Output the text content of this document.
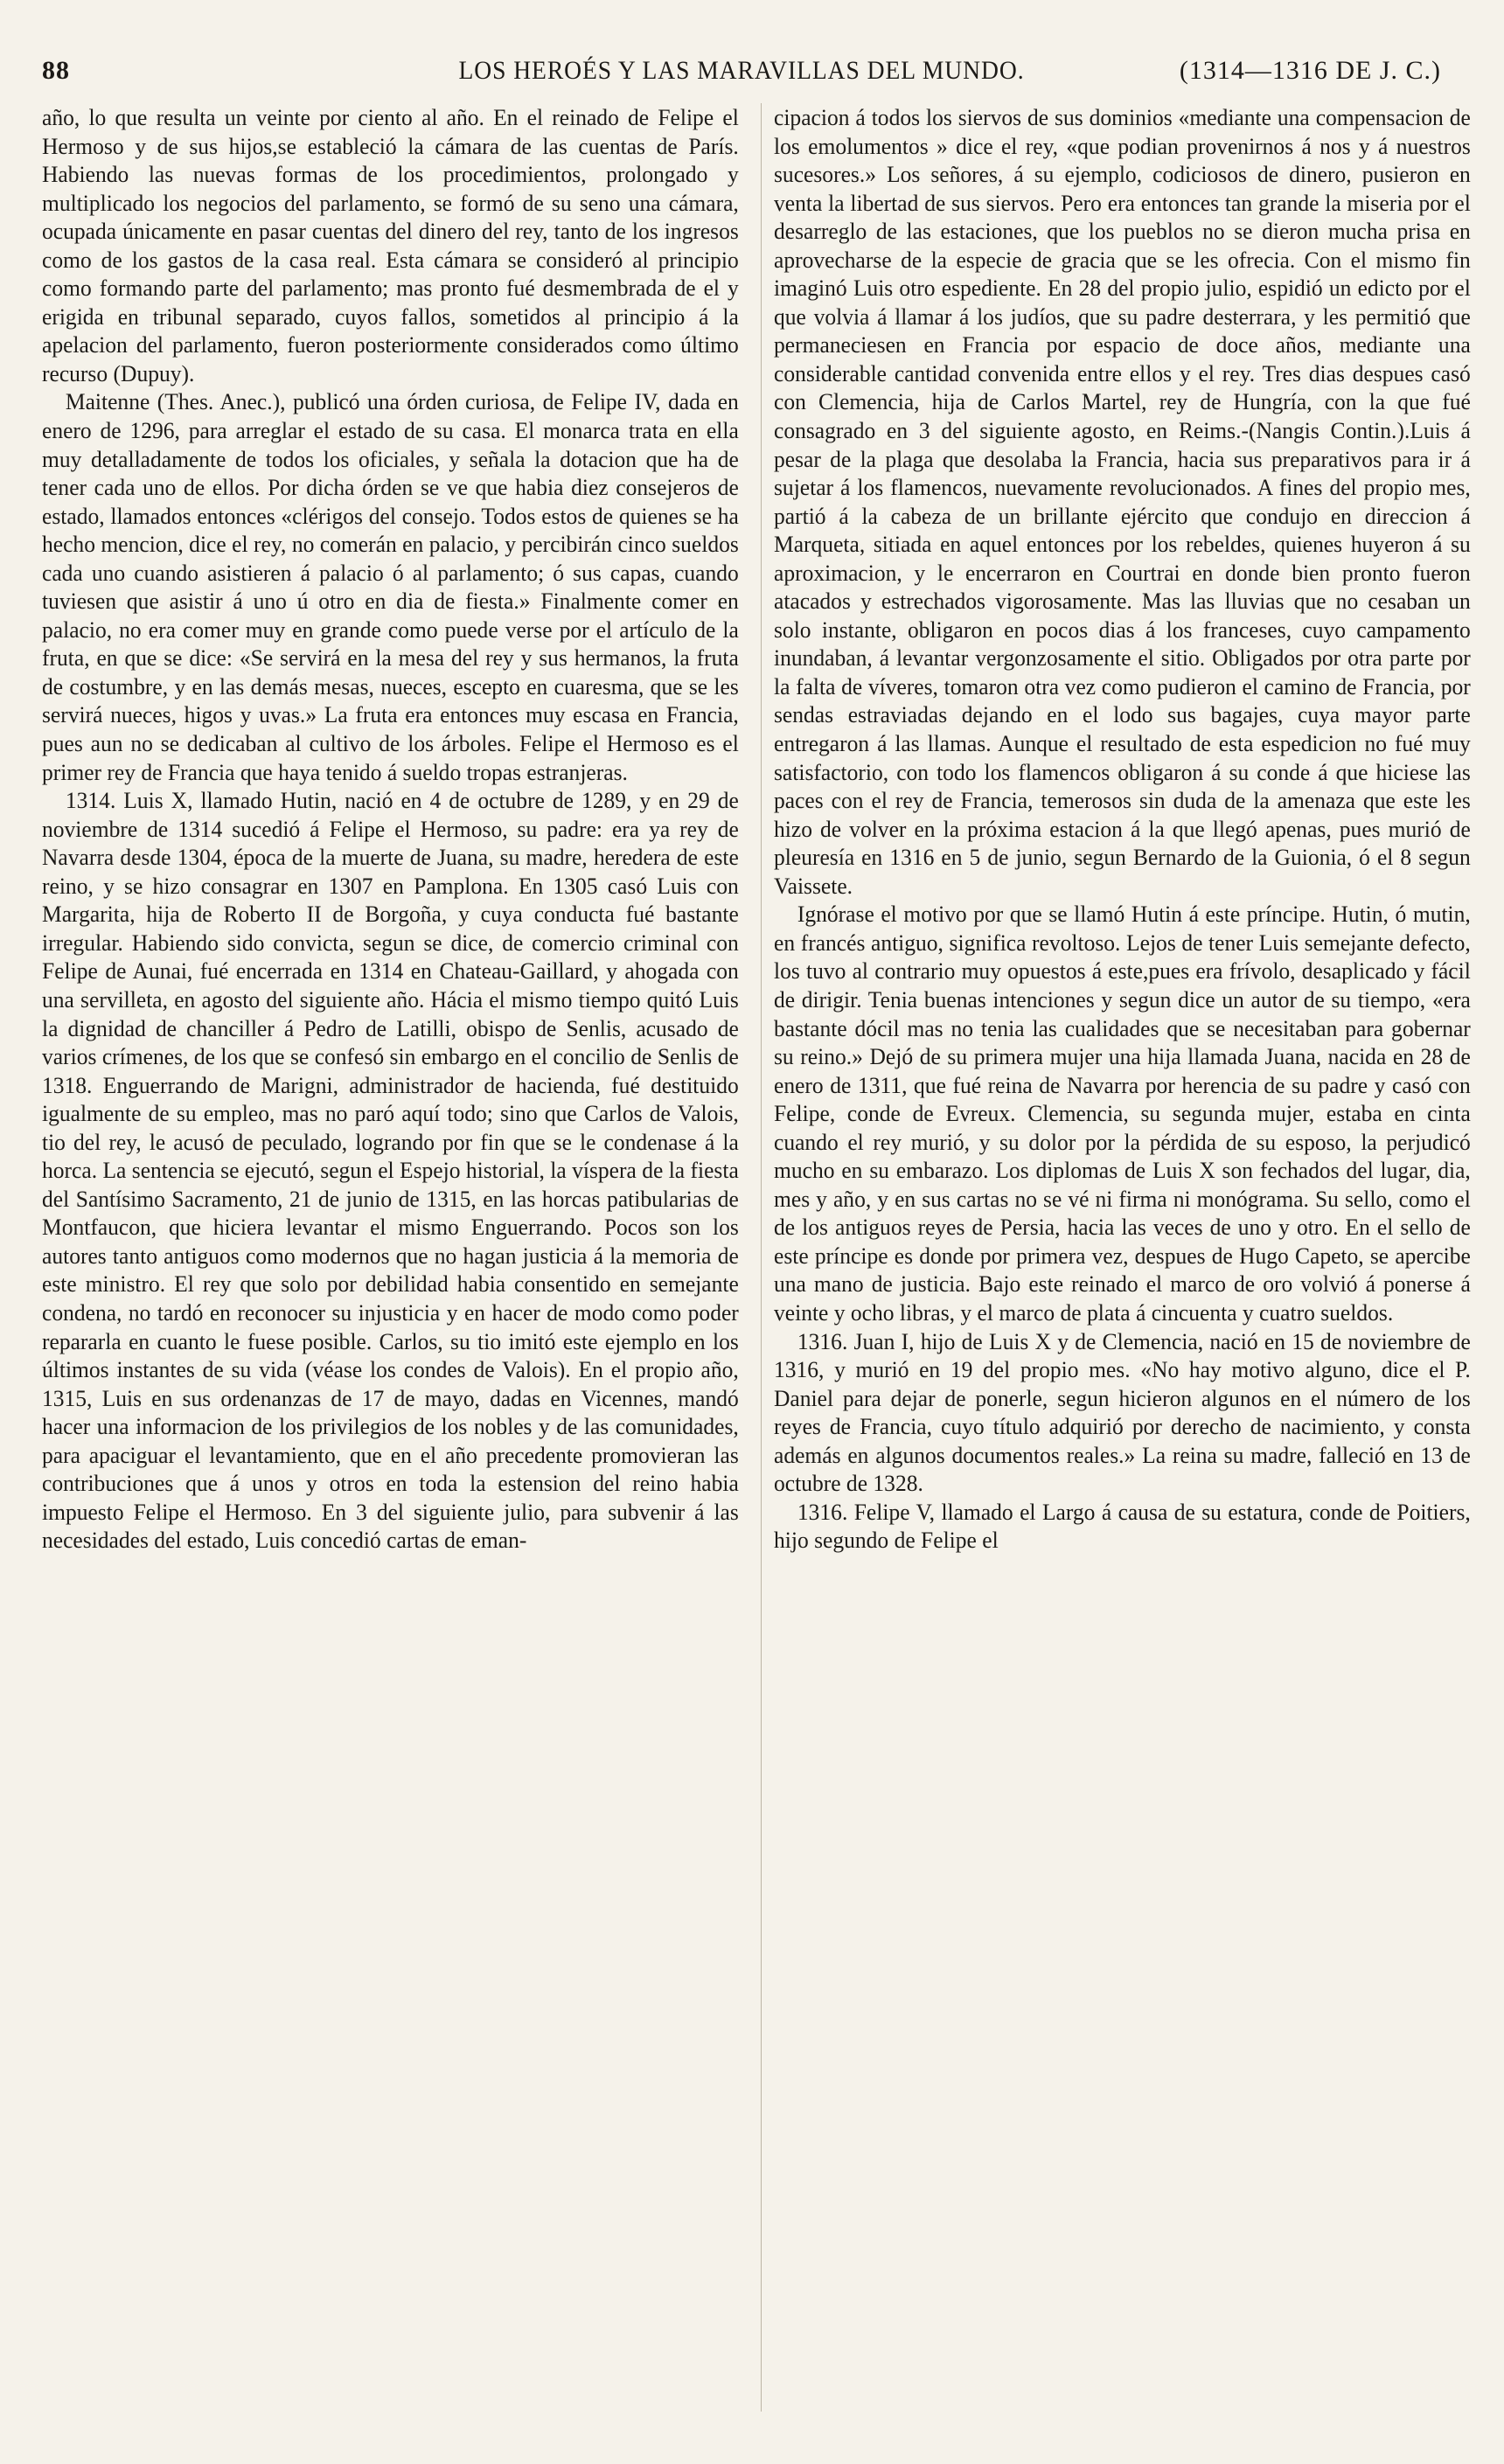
88	LOS HEROÉS Y LAS MARAVILLAS DEL MUNDO.	(1314—1316 DE J. C.)

año, lo que resulta un veinte por ciento al año. En el reinado de Felipe el Hermoso y de sus hijos,se estableció la cámara de las cuentas de París. Habiendo las nuevas formas de los procedimientos, prolongado y multiplicado los negocios del parlamento, se formó de su seno una cámara, ocupada únicamente en pasar cuentas del dinero del rey, tanto de los ingresos como de los gastos de la casa real. Esta cámara se consideró al principio como formando parte del parlamento; mas pronto fué desmembrada de el y erigida en tribunal separado, cuyos fallos, sometidos al principio á la apelacion del parlamento, fueron posteriormente considerados como último recurso (Dupuy).

Maitenne (Thes. Anec.), publicó una órden curiosa, de Felipe IV, dada en enero de 1296, para arreglar el estado de su casa. El monarca trata en ella muy detalladamente de todos los oficiales, y señala la dotacion que ha de tener cada uno de ellos. Por dicha órden se ve que habia diez consejeros de estado, llamados entonces «clérigos del consejo. Todos estos de quienes se ha hecho mencion, dice el rey, no comerán en palacio, y percibirán cinco sueldos cada uno cuando asistieren á palacio ó al parlamento; ó sus capas, cuando tuviesen que asistir á uno ú otro en dia de fiesta.» Finalmente comer en palacio, no era comer muy en grande como puede verse por el artículo de la fruta, en que se dice: «Se servirá en la mesa del rey y sus hermanos, la fruta de costumbre, y en las demás mesas, nueces, escepto en cuaresma, que se les servirá nueces, higos y uvas.» La fruta era entonces muy escasa en Francia, pues aun no se dedicaban al cultivo de los árboles. Felipe el Hermoso es el primer rey de Francia que haya tenido á sueldo tropas estranjeras.

1314. Luis X, llamado Hutin, nació en 4 de octubre de 1289, y en 29 de noviembre de 1314 sucedió á Felipe el Hermoso, su padre: era ya rey de Navarra desde 1304, época de la muerte de Juana, su madre, heredera de este reino, y se hizo consagrar en 1307 en Pamplona. En 1305 casó Luis con Margarita, hija de Roberto II de Borgoña, y cuya conducta fué bastante irregular. Habiendo sido convicta, segun se dice, de comercio criminal con Felipe de Aunai, fué encerrada en 1314 en Chateau-Gaillard, y ahogada con una servilleta, en agosto del siguiente año. Hácia el mismo tiempo quitó Luis la dignidad de chanciller á Pedro de Latilli, obispo de Senlis, acusado de varios crímenes, de los que se confesó sin embargo en el concilio de Senlis de 1318. Enguerrando de Marigni, administrador de hacienda, fué destituido igualmente de su empleo, mas no paró aquí todo; sino que Carlos de Valois, tio del rey, le acusó de peculado, logrando por fin que se le condenase á la horca. La sentencia se ejecutó, segun el Espejo historial, la víspera de la fiesta del Santísimo Sacramento, 21 de junio de 1315, en las horcas patibularias de Montfaucon, que hiciera levantar el mismo Enguerrando. Pocos son los autores tanto antiguos como modernos que no hagan justicia á la memoria de este ministro. El rey que solo por debilidad habia consentido en semejante condena, no tardó en reconocer su injusticia y en hacer de modo como poder repararla en cuanto le fuese posible. Carlos, su tio imitó este ejemplo en los últimos instantes de su vida (véase los condes de Valois). En el propio año, 1315, Luis en sus ordenanzas de 17 de mayo, dadas en Vicennes, mandó hacer una informacion de los privilegios de los nobles y de las comunidades, para apaciguar el levantamiento, que en el año precedente promovieran las contribuciones que á unos y otros en toda la estension del reino habia impuesto Felipe el Hermoso. En 3 del siguiente julio, para subvenir á las necesidades del estado, Luis concedió cartas de eman-

cipacion á todos los siervos de sus dominios «mediante una compensacion de los emolumentos » dice el rey, «que podian provenirnos á nos y á nuestros sucesores.» Los señores, á su ejemplo, codiciosos de dinero, pusieron en venta la libertad de sus siervos. Pero era entonces tan grande la miseria por el desarreglo de las estaciones, que los pueblos no se dieron mucha prisa en aprovecharse de la especie de gracia que se les ofrecia. Con el mismo fin imaginó Luis otro espediente. En 28 del propio julio, espidió un edicto por el que volvia á llamar á los judíos, que su padre desterrara, y les permitió que permaneciesen en Francia por espacio de doce años, mediante una considerable cantidad convenida entre ellos y el rey. Tres dias despues casó con Clemencia, hija de Carlos Martel, rey de Hungría, con la que fué consagrado en 3 del siguiente agosto, en Reims.-(Nangis Contin.).Luis á pesar de la plaga que desolaba la Francia, hacia sus preparativos para ir á sujetar á los flamencos, nuevamente revolucionados. A fines del propio mes, partió á la cabeza de un brillante ejército que condujo en direccion á Marqueta, sitiada en aquel entonces por los rebeldes, quienes huyeron á su aproximacion, y le encerraron en Courtrai en donde bien pronto fueron atacados y estrechados vigorosamente. Mas las lluvias que no cesaban un solo instante, obligaron en pocos dias á los franceses, cuyo campamento inundaban, á levantar vergonzosamente el sitio. Obligados por otra parte por la falta de víveres, tomaron otra vez como pudieron el camino de Francia, por sendas estraviadas dejando en el lodo sus bagajes, cuya mayor parte entregaron á las llamas. Aunque el resultado de esta espedicion no fué muy satisfactorio, con todo los flamencos obligaron á su conde á que hiciese las paces con el rey de Francia, temerosos sin duda de la amenaza que este les hizo de volver en la próxima estacion á la que llegó apenas, pues murió de pleuresía en 1316 en 5 de junio, segun Bernardo de la Guionia, ó el 8 segun Vaissete.

Ignórase el motivo por que se llamó Hutin á este príncipe. Hutin, ó mutin, en francés antiguo, significa revoltoso. Lejos de tener Luis semejante defecto, los tuvo al contrario muy opuestos á este,pues era frívolo, desaplicado y fácil de dirigir. Tenia buenas intenciones y segun dice un autor de su tiempo, «era bastante dócil mas no tenia las cualidades que se necesitaban para gobernar su reino.» Dejó de su primera mujer una hija llamada Juana, nacida en 28 de enero de 1311, que fué reina de Navarra por herencia de su padre y casó con Felipe, conde de Evreux. Clemencia, su segunda mujer, estaba en cinta cuando el rey murió, y su dolor por la pérdida de su esposo, la perjudicó mucho en su embarazo. Los diplomas de Luis X son fechados del lugar, dia, mes y año, y en sus cartas no se vé ni firma ni monógrama. Su sello, como el de los antiguos reyes de Persia, hacia las veces de uno y otro. En el sello de este príncipe es donde por primera vez, despues de Hugo Capeto, se apercibe una mano de justicia. Bajo este reinado el marco de oro volvió á ponerse á veinte y ocho libras, y el marco de plata á cincuenta y cuatro sueldos.

1316. Juan I, hijo de Luis X y de Clemencia, nació en 15 de noviembre de 1316, y murió en 19 del propio mes. «No hay motivo alguno, dice el P. Daniel para dejar de ponerle, segun hicieron algunos en el número de los reyes de Francia, cuyo título adquirió por derecho de nacimiento, y consta además en algunos documentos reales.» La reina su madre, falleció en 13 de octubre de 1328.

1316. Felipe V, llamado el Largo á causa de su estatura, conde de Poitiers, hijo segundo de Felipe el
